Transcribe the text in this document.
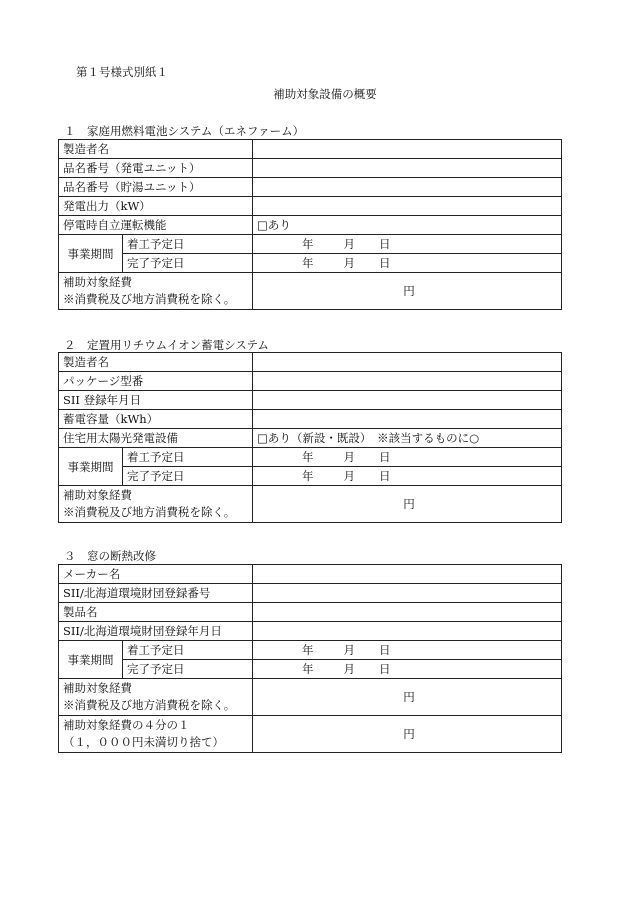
第１号様式別紙１
補助対象設備の概要
１　家庭用燃料電池システム（エネファーム）
製造者名		
品名番号（発電ユニット）		
品名番号（貯湯ユニット）		
発電出力（kW）		
停電時自立運転機能		□あり
事業期間	着工予定日	年 月 日
	完了予定日	年 月 日

補助対象経費
※消費税及び地方消費税を除く。		円
２　定置用リチウムイオン蓄電システム
製造者名		
パッケージ型番		
SII 登録年月日		
蓄電容量（kWh）		
住宅用太陽光発電設備		□あり（新設・既設）　※該当するものに○
事業期間	着工予定日	年 月 日
	完了予定日	年 月 日

補助対象経費
※消費税及び地方消費税を除く。		円
３　窓の断熱改修
メーカー名		
SII/北海道環境財団登録番号		
製品名		
SII/北海道環境財団登録年月日		
事業期間	着工予定日	年 月 日
	完了予定日	年 月 日

補助対象経費
※消費税及び地方消費税を除く。		円

補助対象経費の４分の１
（１，０００円未満切り捨て）		円
